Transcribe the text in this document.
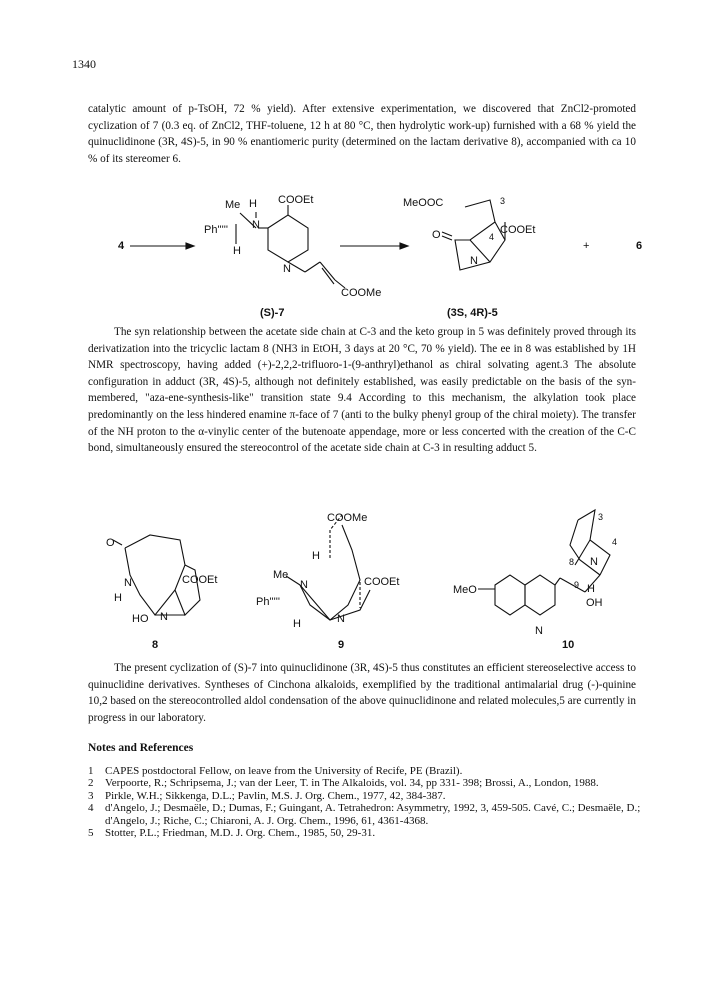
1340

catalytic amount of p-TsOH, 72 % yield). After extensive experimentation, we discovered that ZnCl2-promoted cyclization of 7 (0.3 eq. of ZnCl2, THF-toluene, 12 h at 80 °C, then hydrolytic work-up) furnished with a 68 % yield the quinuclidinone (3R, 4S)-5, in 90 % enantiomeric purity (determined on the lactam derivative 8), accompanied with ca 10 % of its stereomer 6.

4	6
+
Me H COOEt
N
Ph'''''
H
N
COOMe
(S)-7
MeOOC	3
COOEt
4
O
N
(3S, 4R)-5
O
H
N	COOEt
HO N
8
COOMe
H
Me
N	COOEt
Ph'''''
H	N
9
3
4
8 N
9 H
MeO
OH
N
10

The syn relationship between the acetate side chain at C-3 and the keto group in 5 was definitely proved through its derivatization into the tricyclic lactam 8 (NH3 in EtOH, 3 days at 20 °C, 70 % yield). The ee in 8 was established by 1H NMR spectroscopy, having added (+)-2,2,2-trifluoro-1-(9-anthryl)ethanol as chiral solvating agent.3 The absolute configuration in adduct (3R, 4S)-5, although not definitely established, was easily predictable on the basis of the syn-membered, "aza-ene-synthesis-like" transition state 9.4 According to this mechanism, the alkylation took place predominantly on the less hindered enamine π-face of 7 (anti to the bulky phenyl group of the chiral moiety). The transfer of the NH proton to the α-vinylic center of the butenoate appendage, more or less concerted with the creation of the C-C bond, simultaneously ensured the stereocontrol of the acetate side chain at C-3 in resulting adduct 5.

The present cyclization of (S)-7 into quinuclidinone (3R, 4S)-5 thus constitutes an efficient stereoselective access to quinuclidine derivatives. Syntheses of Cinchona alkaloids, exemplified by the traditional antimalarial drug (-)-quinine 10,2 based on the stereocontrolled aldol condensation of the above quinuclidinone and related molecules,5 are currently in progress in our laboratory.

Notes and References
1	CAPES postdoctoral Fellow, on leave from the University of Recife, PE (Brazil).
2	Verpoorte, R.; Schripsema, J.; van der Leer, T. in The Alkaloids, vol. 34, pp 331- 398; Brossi, A., London, 1988.
3	Pirkle, W.H.; Sikkenga, D.L.; Pavlin, M.S. J. Org. Chem., 1977, 42, 384-387.
4	d'Angelo, J.; Desmaële, D.; Dumas, F.; Guingant, A. Tetrahedron: Asymmetry, 1992, 3, 459-505. Cavé, C.; Desmaële, D.; d'Angelo, J.; Riche, C.; Chiaroni, A. J. Org. Chem., 1996, 61, 4361-4368.
5	Stotter, P.L.; Friedman, M.D. J. Org. Chem., 1985, 50, 29-31.
